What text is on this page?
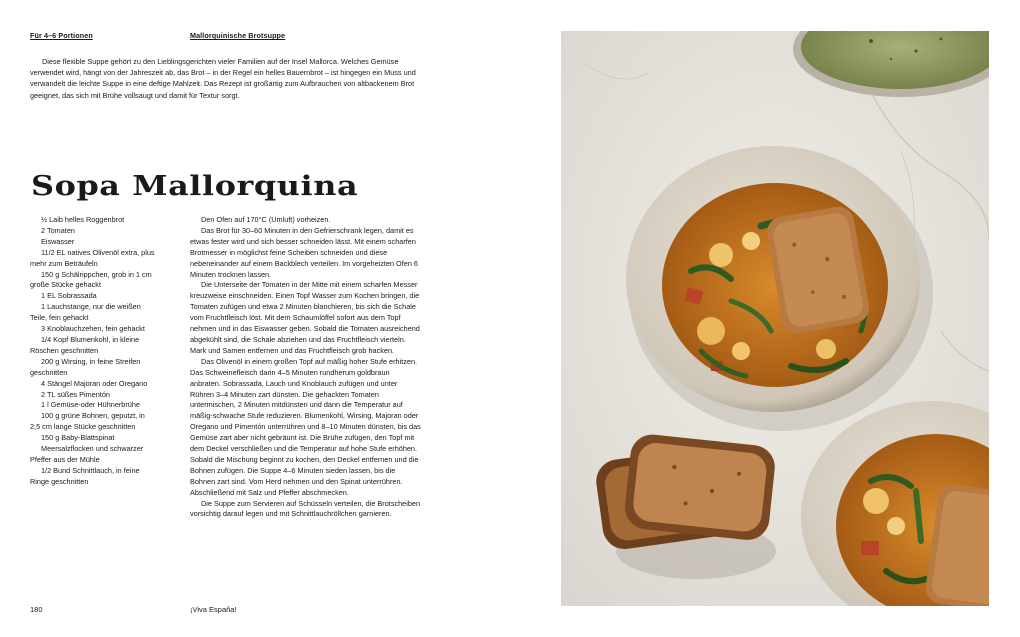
Für 4–6 Portionen	Mallorquinische Brotsuppe

Diese flexible Suppe gehört zu den Lieblingsgerichten vieler Familien auf der Insel Mallorca. Welches Gemüse verwendet wird, hängt von der Jahreszeit ab, das Brot – in der Regel ein helles Bauernbrot – ist hingegen ein Muss und verwandelt die leichte Suppe in eine deftige Mahlzeit. Das Rezept ist großartig zum Aufbrauchen von altbackenem Brot geeignet, das sich mit Brühe vollsaugt und damit für Textur sorgt.

Sopa Mallorquina
½ Laib helles Roggenbrot
2 Tomaten
Eiswasser
11/2 EL natives Olivenöl extra, plus mehr zum Beträufeln
150 g Schälrippchen, grob in 1 cm große Stücke gehackt
1 EL Sobrassada
1 Lauchstange, nur die weißen Teile, fein gehackt
3 Knoblauchzehen, fein gehackt
1/4 Kopf Blumenkohl, in kleine Röschen geschnitten
200 g Wirsing, in feine Streifen geschnitten
4 Stängel Majoran oder Oregano
2 TL süßes Pimentón
1 l Gemüse-oder Hühnerbrühe
100 g grüne Bohnen, geputzt, in 2,5 cm lange Stücke geschnitten
150 g Baby-Blattspinat
Meersalzflocken und schwarzer Pfeffer aus der Mühle
1/2 Bund Schnittlauch, in feine Ringe geschnitten

Den Ofen auf 170°C (Umluft) vorheizen.

Das Brot für 30–60 Minuten in den Gefrierschrank legen, damit es etwas fester wird und sich besser schneiden lässt. Mit einem scharfen Brotmesser in möglichst feine Scheiben schneiden und diese nebeneinander auf einem Backblech verteilen. Im vorgeheizten Ofen 6 Minuten trocknen lassen.

Die Unterseite der Tomaten in der Mitte mit einem scharfen Messer kreuzweise einschneiden. Einen Topf Wasser zum Kochen bringen, die Tomaten zufügen und etwa 2 Minuten blanchieren, bis sich die Schale vom Fruchtfleisch löst. Mit dem Schaumlöffel sofort aus dem Topf nehmen und in das Eiswasser geben. Sobald die Tomaten ausreichend abgekühlt sind, die Schale abziehen und das Fruchtfleisch vierteln. Mark und Samen entfernen und das Fruchtfleisch grob hacken.

Das Olivenöl in einem großen Topf auf mäßig hoher Stufe erhitzen. Das Schweinefleisch darin 4–5 Minuten rundherum goldbraun anbraten. Sobrassada, Lauch und Knoblauch zufügen und unter Rühren 3–4 Minuten zart dünsten. Die gehackten Tomaten untermischen, 2 Minuten mitdünsten und dann die Temperatur auf mäßig-schwache Stufe reduzieren. Blumenkohl, Wirsing, Majoran oder Oregano und Pimentón unterrühren und 8–10 Minuten dünsten, bis das Gemüse zart aber nicht gebräunt ist. Die Brühe zufügen, den Topf mit dem Deckel verschließen und die Temperatur auf hohe Stufe erhöhen. Sobald die Mischung beginnt zu kochen, den Deckel entfernen und die Bohnen zufügen. Die Suppe 4–6 Minuten sieden lassen, bis die Bohnen zart sind. Vom Herd nehmen und den Spinat unterrühren. Abschließend mit Salz und Pfeffer abschmecken.

Die Suppe zum Servieren auf Schüsseln verteilen, die Brotscheiben vorsichtig darauf legen und mit Schnittlauchröllchen garnieren.

180	¡Viva España!
